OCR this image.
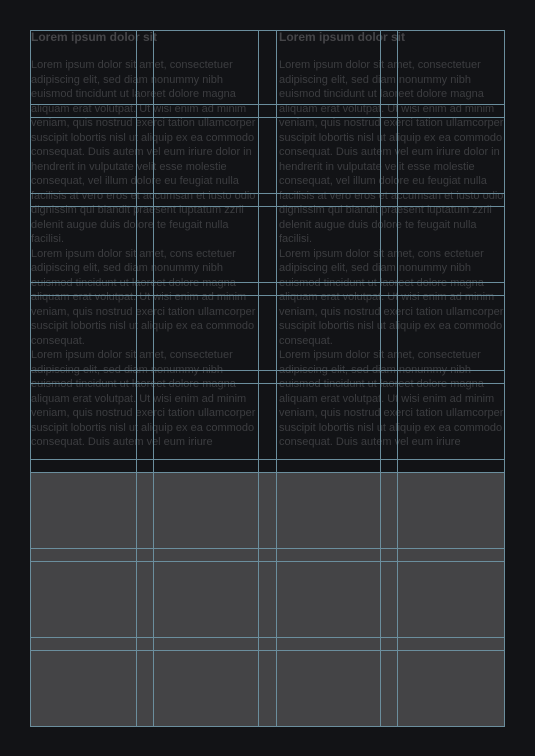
Lorem ipsum dolor sit

Lorem ipsum dolor sit amet, consectetuer adipiscing elit, sed diam nonummy nibh euismod tincidunt ut laoreet dolore magna aliquam erat volutpat. Ut wisi enim ad minim veniam, quis nostrud exerci tation ullamcorper suscipit lobortis nisl ut aliquip ex ea commodo consequat. Duis autem vel eum iriure dolor in hendrerit in vulputate velit esse molestie consequat, vel illum dolore eu feugiat nulla facilisis at vero eros et accumsan et iusto odio dignissim qui blandit praesent luptatum zzril delenit augue duis dolore te feugait nulla facilisi.

Lorem ipsum dolor sit amet, cons ectetuer adipiscing elit, sed diam nonummy nibh euismod tincidunt ut laoreet dolore magna aliquam erat volutpat. Ut wisi enim ad minim veniam, quis nostrud exerci tation ullamcorper suscipit lobortis nisl ut aliquip ex ea commodo consequat.

Lorem ipsum dolor sit amet, consectetuer adipiscing elit, sed diam nonummy nibh euismod tincidunt ut laoreet dolore magna aliquam erat volutpat. Ut wisi enim ad minim veniam, quis nostrud exerci tation ullamcorper suscipit lobortis nisl ut aliquip ex ea commodo consequat. Duis autem vel eum iriure

Lorem ipsum dolor sit

Lorem ipsum dolor sit amet, consectetuer adipiscing elit, sed diam nonummy nibh euismod tincidunt ut laoreet dolore magna aliquam erat volutpat. Ut wisi enim ad minim veniam, quis nostrud exerci tation ullamcorper suscipit lobortis nisl ut aliquip ex ea commodo consequat. Duis autem vel eum iriure dolor in hendrerit in vulputate velit esse molestie consequat, vel illum dolore eu feugiat nulla facilisis at vero eros et accumsan et iusto odio dignissim qui blandit praesent luptatum zzril delenit augue duis dolore te feugait nulla facilisi.

Lorem ipsum dolor sit amet, cons ectetuer adipiscing elit, sed diam nonummy nibh euismod tincidunt ut laoreet dolore magna aliquam erat volutpat. Ut wisi enim ad minim veniam, quis nostrud exerci tation ullamcorper suscipit lobortis nisl ut aliquip ex ea commodo consequat.

Lorem ipsum dolor sit amet, consectetuer adipiscing elit, sed diam nonummy nibh euismod tincidunt ut laoreet dolore magna aliquam erat volutpat. Ut wisi enim ad minim veniam, quis nostrud exerci tation ullamcorper suscipit lobortis nisl ut aliquip ex ea commodo consequat. Duis autem vel eum iriure
